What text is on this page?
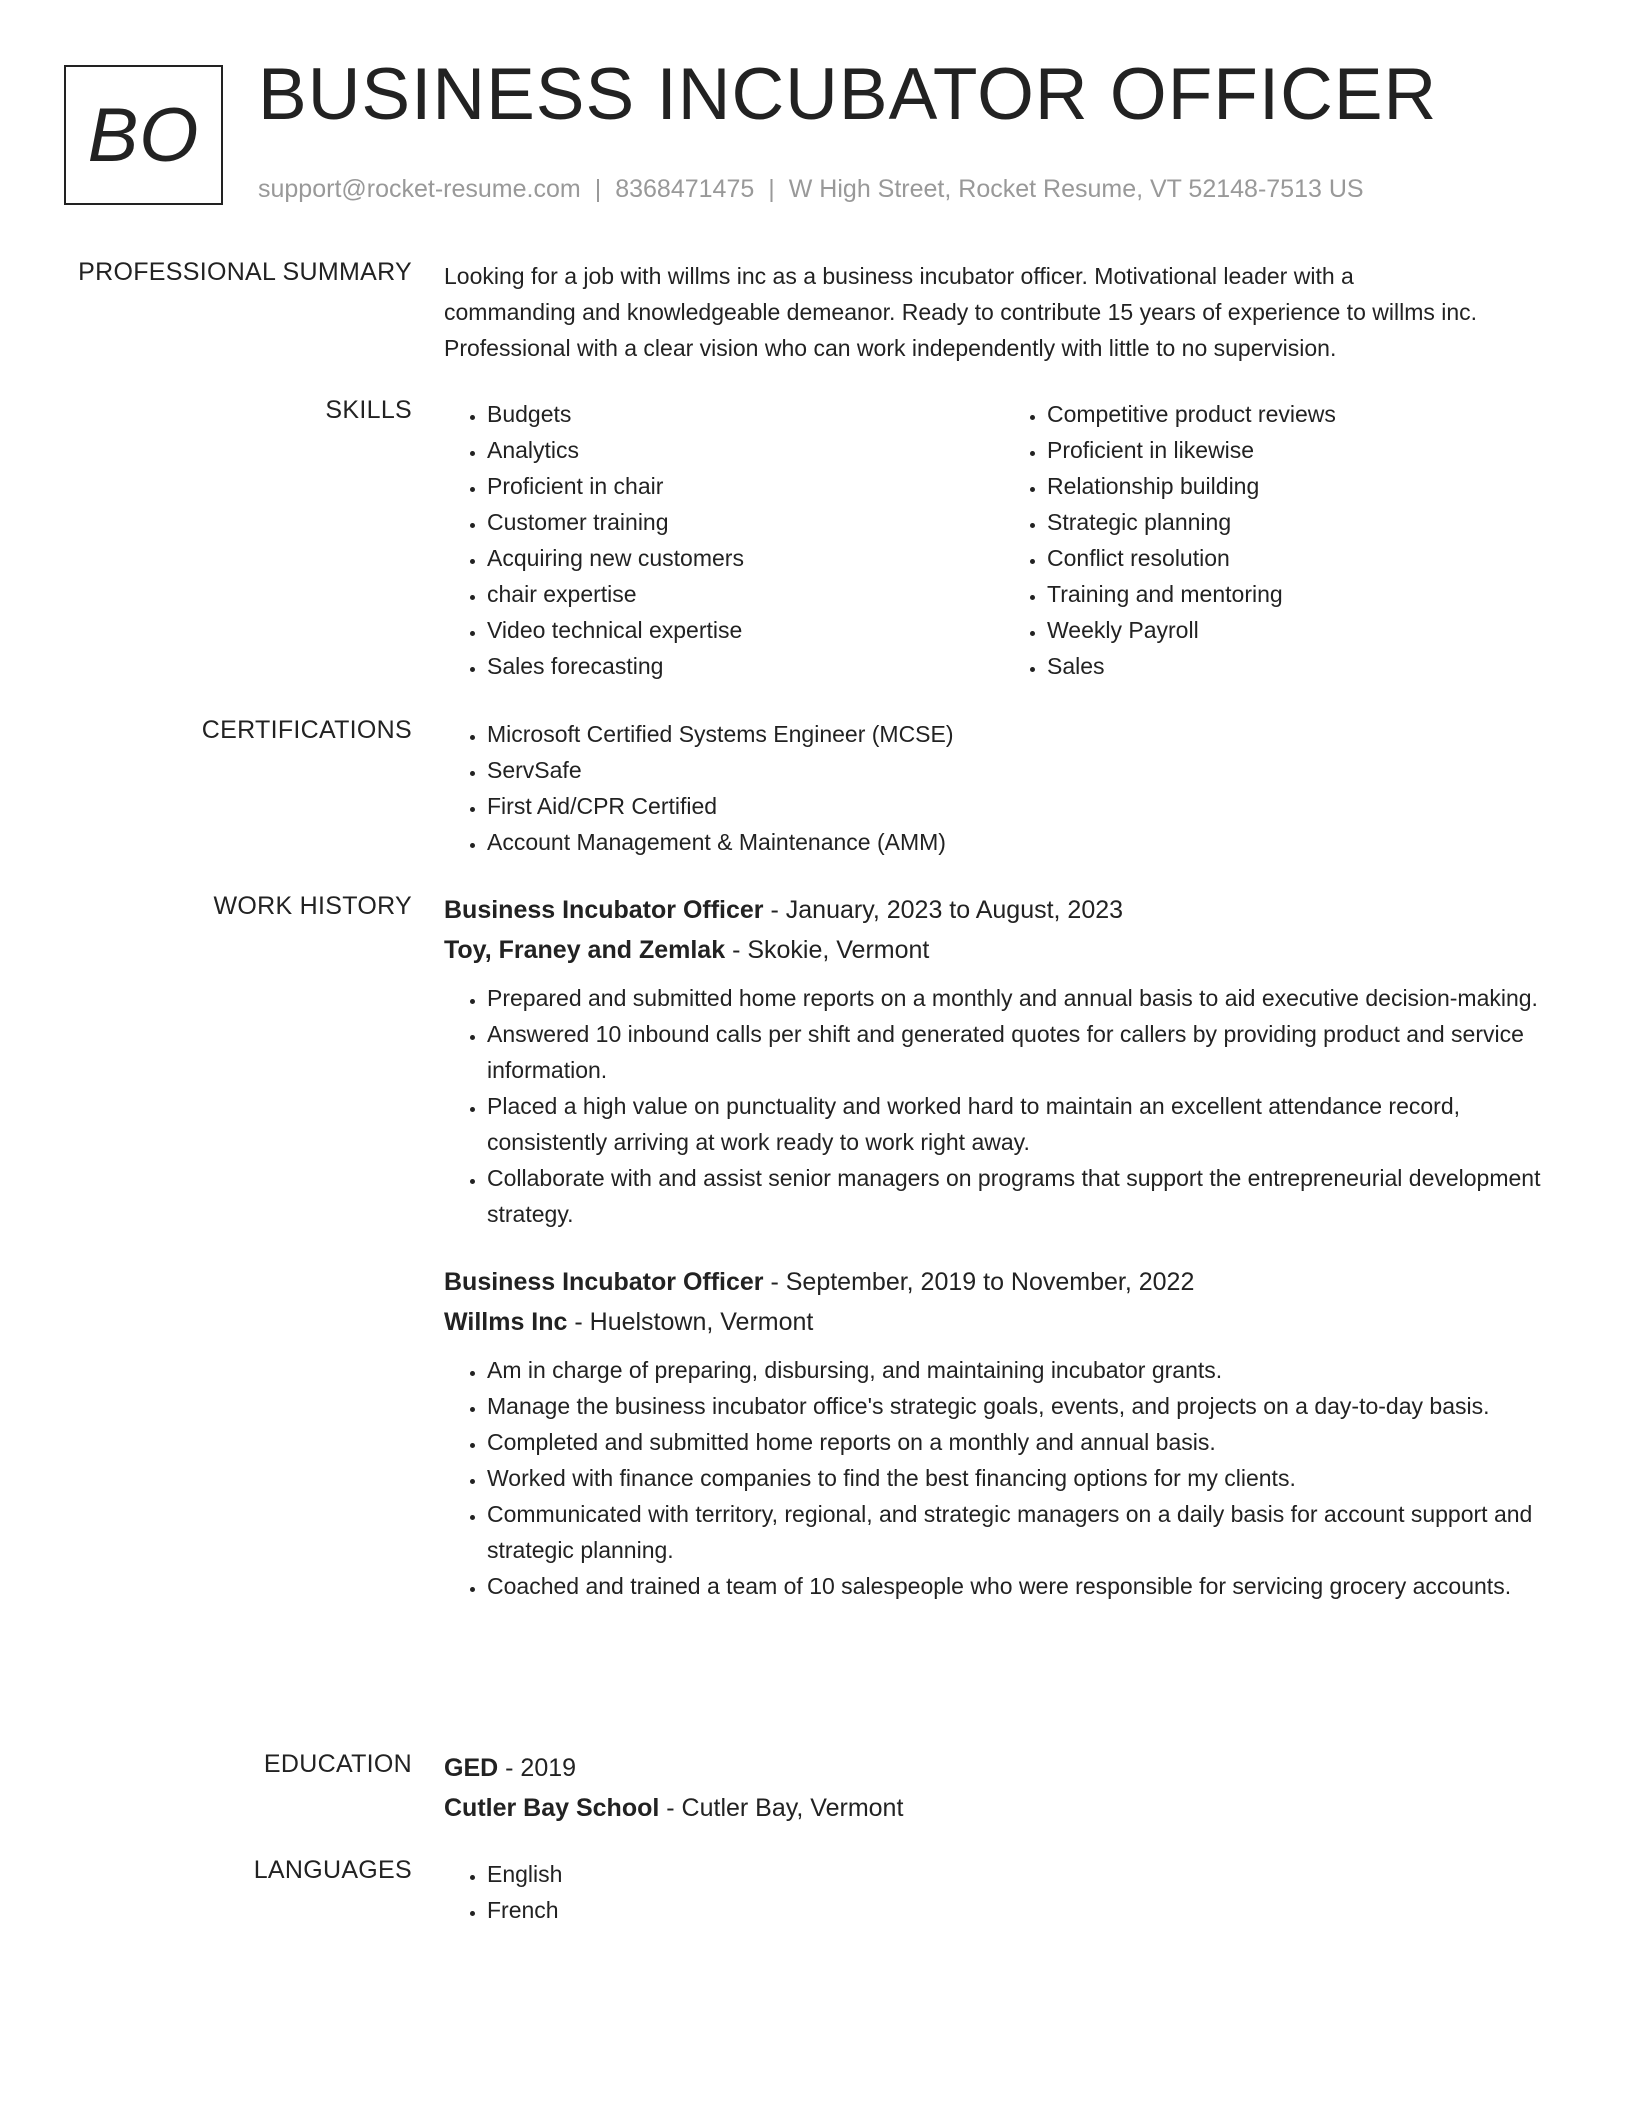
BO BUSINESS INCUBATOR OFFICER
support@rocket-resume.com | 8368471475 | W High Street, Rocket Resume, VT 52148-7513 US
PROFESSIONAL SUMMARY Looking for a job with willms inc as a business incubator officer. Motivational leader with a
commanding and knowledgeable demeanor. Ready to contribute 15 years of experience to willms inc.
Professional with a clear vision who can work independently with little to no supervision.
SKILLS	• Budgets
• Analytics
• Proficient in chair
• Customer training
• Acquiring new customers
• chair expertise
• Video technical expertise
• Sales forecasting
• Competitive product reviews
• Proficient in likewise
• Relationship building
• Strategic planning
• Conflict resolution
• Training and mentoring
• Weekly Payroll
• Sales
CERTIFICATIONS	• Microsoft Certified Systems Engineer (MCSE)
• ServSafe
• First Aid/CPR Certified
• Account Management & Maintenance (AMM)
WORK HISTORY Business Incubator Officer - January, 2023 to August, 2023
Toy, Franey and Zemlak - Skokie, Vermont
• Prepared and submitted home reports on a monthly and annual basis to aid executive decision-making.
• Answered 10 inbound calls per shift and generated quotes for callers by providing product and service information.
• Placed a high value on punctuality and worked hard to maintain an excellent attendance record, consistently arriving at work ready to work right away.
• Collaborate with and assist senior managers on programs that support the entrepreneurial development strategy.
Business Incubator Officer - September, 2019 to November, 2022
Willms Inc - Huelstown, Vermont
• Am in charge of preparing, disbursing, and maintaining incubator grants.
• Manage the business incubator office's strategic goals, events, and projects on a day-to-day basis.
• Completed and submitted home reports on a monthly and annual basis.
• Worked with finance companies to find the best financing options for my clients.
• Communicated with territory, regional, and strategic managers on a daily basis for account support and strategic planning.
• Coached and trained a team of 10 salespeople who were responsible for servicing grocery accounts.
EDUCATION GED - 2019
Cutler Bay School - Cutler Bay, Vermont
LANGUAGES	• English
• French
